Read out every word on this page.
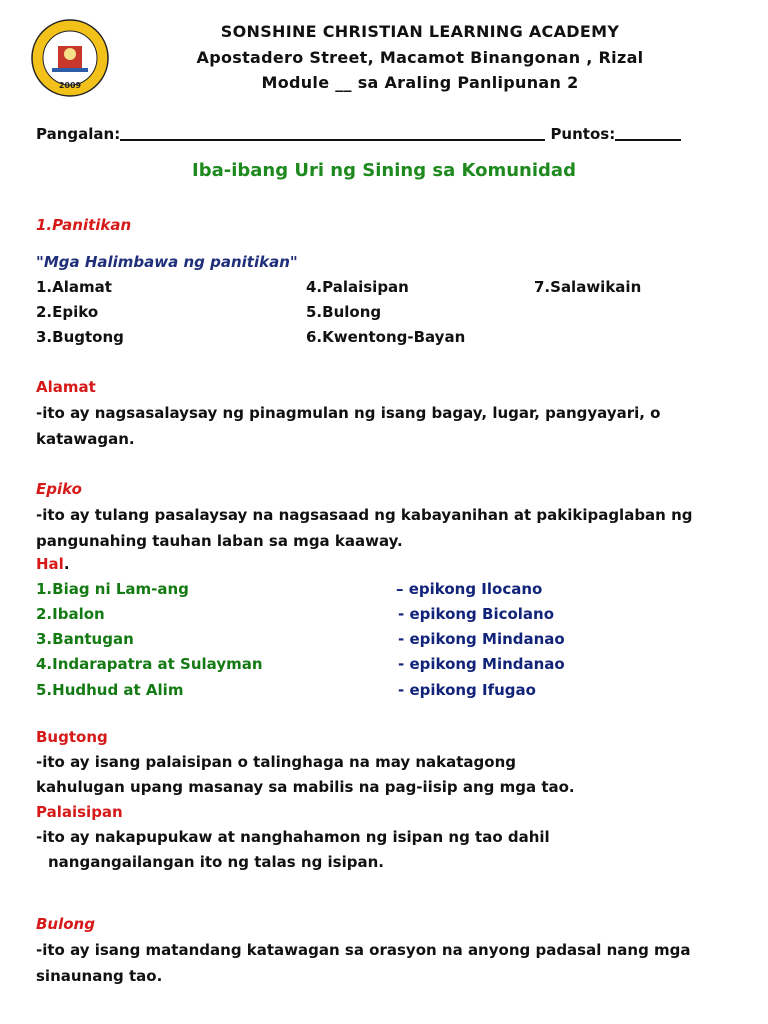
2009
SONSHINE CHRISTIAN LEARNING ACADEMY
Apostadero Street, Macamot Binangonan , Rizal
Module __ sa Araling Panlipunan 2
Pangalan:	Puntos:
Iba-ibang Uri ng Sining sa Komunidad
1.Panitikan
"Mga Halimbawa ng panitikan"
1.Alamat
2.Epiko
3.Bugtong
4.Palaisipan
5.Bulong
6.Kwentong-Bayan
7.Salawikain
Alamat
-ito ay nagsasalaysay ng pinagmulan ng isang bagay, lugar, pangyayari, o katawagan.
Epiko
-ito ay tulang pasalaysay na nagsasaad ng kabayanihan at pakikipaglaban ng pangunahing tauhan laban sa mga kaaway.
Hal.
1.Biag ni Lam-ang	– epikong Ilocano
2.Ibalon	- epikong Bicolano
3.Bantugan	- epikong Mindanao
4.Indarapatra at Sulayman	- epikong Mindanao
5.Hudhud at Alim	- epikong Ifugao
Bugtong
-ito ay isang palaisipan o talinghaga na may nakatagong
kahulugan upang masanay sa mabilis na pag-iisip ang mga tao.
Palaisipan
-ito ay nakapupukaw at nanghahamon ng isipan ng tao dahil
nangangailangan ito ng talas ng isipan.
Bulong
-ito ay isang matandang katawagan sa orasyon na anyong padasal nang mga sinaunang tao.
